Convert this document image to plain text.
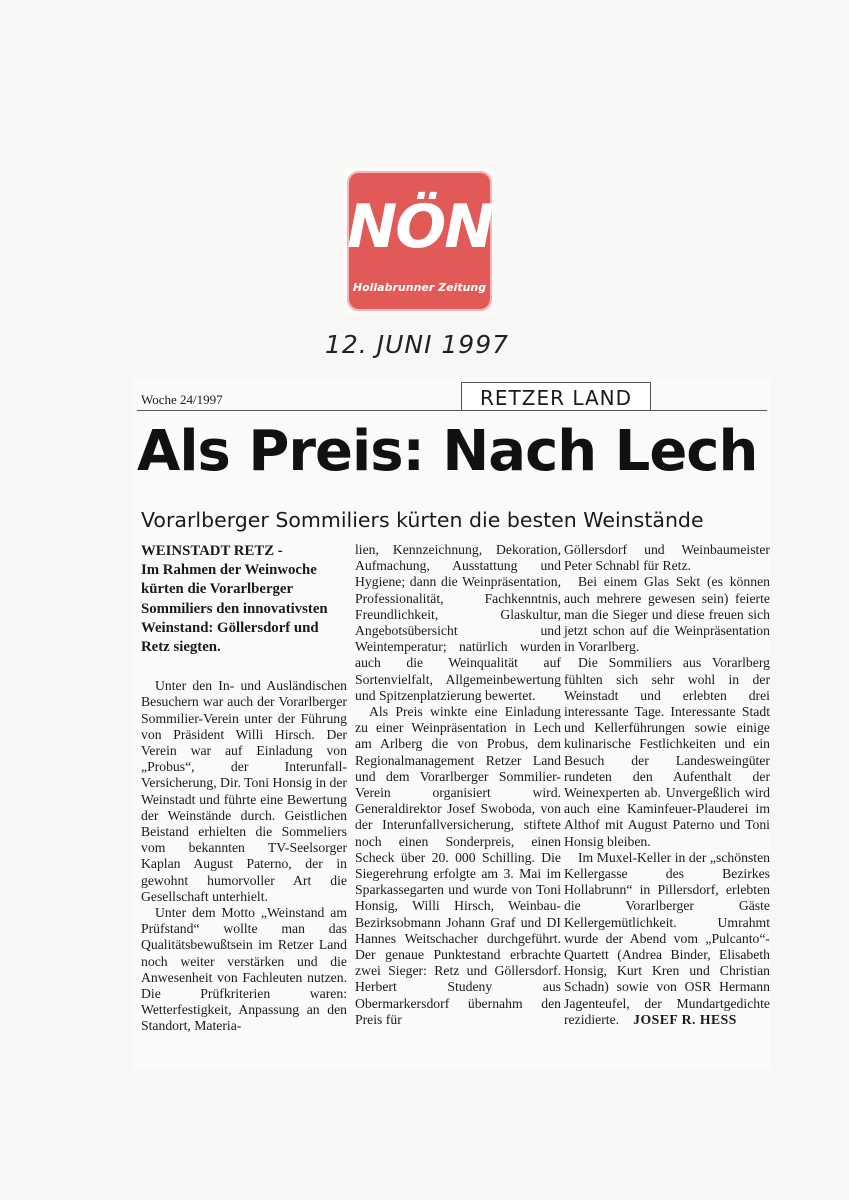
NÖN
Hollabrunner Zeitung
12. JUNI 1997
Woche 24/1997	RETZER LAND
Als Preis: Nach Lech
Vorarlberger Sommiliers kürten die besten Weinstände

WEINSTADT RETZ -
Im Rahmen der Weinwoche kürten die Vorarlberger Sommiliers den innovativsten Weinstand: Göllersdorf und Retz siegten.

Unter den In- und Ausländischen Besuchern war auch der Vorarlberger Sommilier-Verein unter der Führung von Präsident Willi Hirsch. Der Verein war auf Einladung von „Probus“, der Interunfall-Versicherung, Dir. Toni Honsig in der Weinstadt und führte eine Bewertung der Weinstände durch. Geistlichen Beistand erhielten die Sommeliers vom bekannten TV-Seelsorger Kaplan August Paterno, der in gewohnt humorvoller Art die Gesellschaft unterhielt.

Unter dem Motto „Weinstand am Prüfstand“ wollte man das Qualitätsbewußtsein im Retzer Land noch weiter verstärken und die Anwesenheit von Fachleuten nutzen. Die Prüfkriterien waren: Wetterfestigkeit, Anpassung an den Standort, Materia-

lien, Kennzeichnung, Dekoration, Aufmachung, Ausstattung und Hygiene; dann die Weinpräsentation, Professionalität, Fachkenntnis, Freundlichkeit, Glaskultur, Angebotsübersicht und Weintemperatur; natürlich wurden auch die Weinqualität auf Sortenvielfalt, Allgemeinbewertung und Spitzenplatzierung bewertet.

Als Preis winkte eine Einladung zu einer Weinpräsentation in Lech am Arlberg die von Probus, dem Regionalmanagement Retzer Land und dem Vorarlberger Sommilier- Verein organisiert wird. Generaldirektor Josef Swoboda, von der Interunfallversicherung, stiftete noch einen Sonderpreis, einen Scheck über 20. 000 Schilling. Die Siegerehrung erfolgte am 3. Mai im Sparkassegarten und wurde von Toni Honsig, Willi Hirsch, Weinbau-Bezirksobmann Johann Graf und DI Hannes Weitschacher durchgeführt. Der genaue Punktestand erbrachte zwei Sieger: Retz und Göllersdorf. Herbert Studeny aus Obermarkersdorf übernahm den Preis für

Göllersdorf und Weinbaumeister Peter Schnabl für Retz.

Bei einem Glas Sekt (es können auch mehrere gewesen sein) feierte man die Sieger und diese freuen sich jetzt schon auf die Weinpräsentation in Vorarlberg.

Die Sommiliers aus Vorarlberg fühlten sich sehr wohl in der Weinstadt und erlebten drei interessante Tage. Interessante Stadt und Kellerführungen sowie einige kulinarische Festlichkeiten und ein Besuch der Landesweingüter rundeten den Aufenthalt der Weinexperten ab. Unvergeßlich wird auch eine Kaminfeuer-Plauderei im Althof mit August Paterno und Toni Honsig bleiben.

Im Muxel-Keller in der „schönsten Kellergasse des Bezirkes Hollabrunn“ in Pillersdorf, erlebten die Vorarlberger Gäste Kellergemütlichkeit. Umrahmt wurde der Abend vom „Pulcanto“-Quartett (Andrea Binder, Elisabeth Honsig, Kurt Kren und Christian Schadn) sowie von OSR Hermann Jagenteufel, der Mundartgedichte rezidierte. JOSEF R. HESS
